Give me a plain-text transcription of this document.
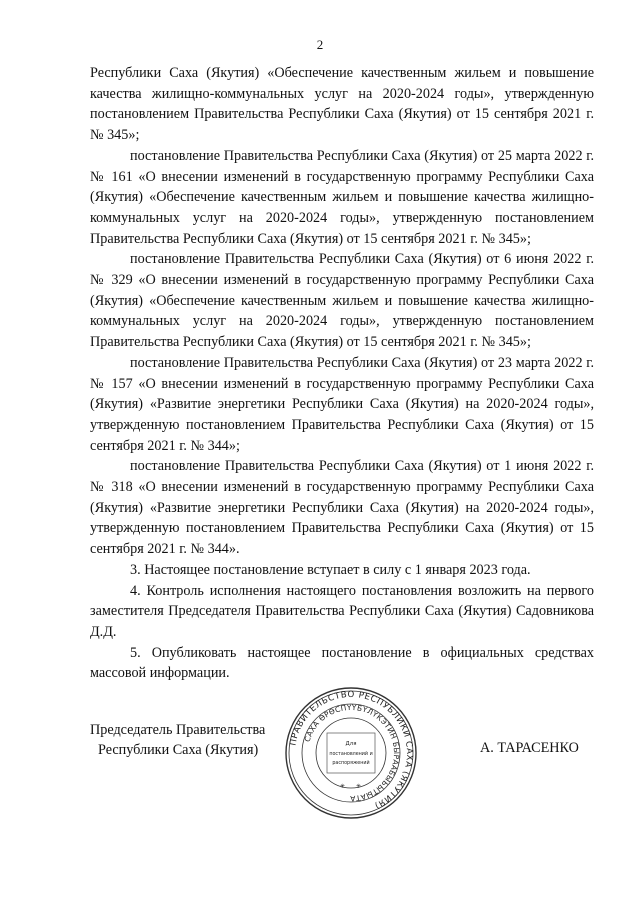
2

Республики Саха (Якутия) «Обеспечение качественным жильем и повышение качества жилищно-коммунальных услуг на 2020-2024 годы», утвержденную постановлением Правительства Республики Саха (Якутия) от 15 сентября 2021 г. № 345»;

постановление Правительства Республики Саха (Якутия) от 25 марта 2022 г. № 161 «О внесении изменений в государственную программу Республики Саха (Якутия) «Обеспечение качественным жильем и повышение качества жилищно-коммунальных услуг на 2020-2024 годы», утвержденную постановлением Правительства Республики Саха (Якутия) от 15 сентября 2021 г. № 345»;

постановление Правительства Республики Саха (Якутия) от 6 июня 2022 г. № 329 «О внесении изменений в государственную программу Республики Саха (Якутия) «Обеспечение качественным жильем и повышение качества жилищно-коммунальных услуг на 2020-2024 годы», утвержденную постановлением Правительства Республики Саха (Якутия) от 15 сентября 2021 г. № 345»;

постановление Правительства Республики Саха (Якутия) от 23 марта 2022 г. № 157 «О внесении изменений в государственную программу Республики Саха (Якутия) «Развитие энергетики Республики Саха (Якутия) на 2020-2024 годы», утвержденную постановлением Правительства Республики Саха (Якутия) от 15 сентября 2021 г. № 344»;

постановление Правительства Республики Саха (Якутия) от 1 июня 2022 г. № 318 «О внесении изменений в государственную программу Республики Саха (Якутия) «Развитие энергетики Республики Саха (Якутия) на 2020-2024 годы», утвержденную постановлением Правительства Республики Саха (Якутия) от 15 сентября 2021 г. № 344».

3. Настоящее постановление вступает в силу с 1 января 2023 года.

4. Контроль исполнения настоящего постановления возложить на первого заместителя Председателя Правительства Республики Саха (Якутия) Садовникова Д.Д.

5. Опубликовать настоящее постановление в официальных средствах массовой информации.

Председатель Правительства
Республики Саха (Якутия)	ПРАВИТЕЛЬСТВО РЕСПУБЛИКИ САХА (ЯКУТИЯ)
САХА ӨРӨСПҮҮБҮЛҮКЭТИН БЫРААБЫЬЫТЫАТА
Для
постановлений и
распоряжений
✳ ✳
А. ТАРАСЕНКО
